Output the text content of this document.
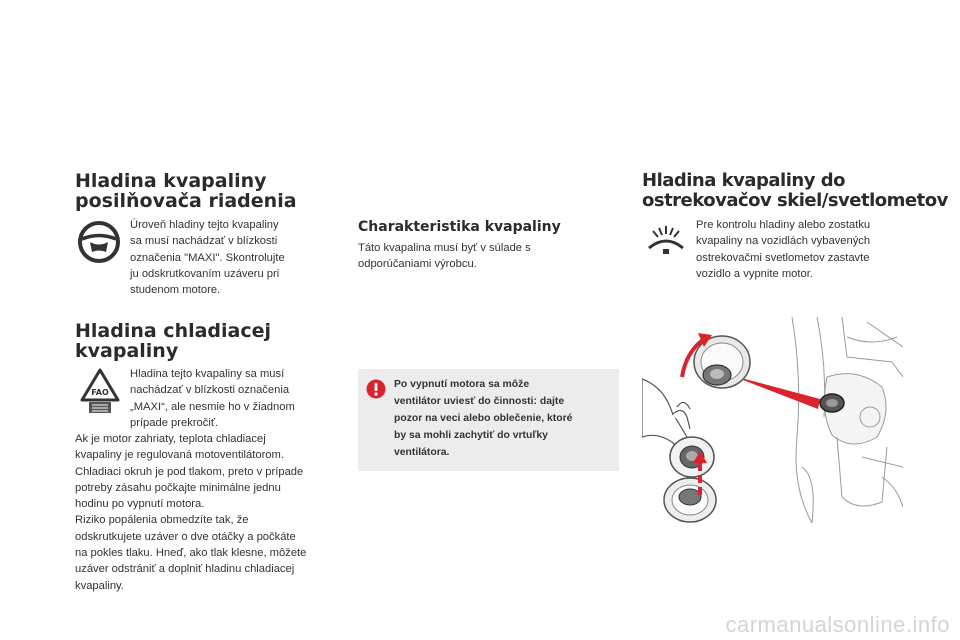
Hladina kvapaliny
posilňovača riadenia
Úroveň hladiny tejto kvapaliny
sa musí nachádzať v blízkosti
označenia "MAXI". Skontrolujte
ju odskrutkovaním uzáveru pri
studenom motore.
Hladina chladiacej
kvapaliny
FAO
Hladina tejto kvapaliny sa musí
nachádzať v blízkosti označenia
„MAXI“, ale nesmie ho v žiadnom
prípade prekročiť.
Ak je motor zahriaty, teplota chladiacej
kvapaliny je regulovaná motoventilátorom.
Chladiaci okruh je pod tlakom, preto v prípade
potreby zásahu počkajte minimálne jednu
hodinu po vypnutí motora.
Riziko popálenia obmedzíte tak, že
odskrutkujete uzáver o dve otáčky a počkáte
na pokles tlaku. Hneď, ako tlak klesne, môžete
uzáver odstrániť a doplniť hladinu chladiacej
kvapaliny.
Charakteristika kvapaliny
Táto kvapalina musí byť v súlade s
odporúčaniami výrobcu.
Po vypnutí motora sa môže
ventilátor uviesť do činnosti: dajte
pozor na veci alebo oblečenie, ktoré
by sa mohli zachytiť do vrtuľky
ventilátora.
Hladina kvapaliny do
ostrekovačov skiel/svetlometov
Pre kontrolu hladiny alebo zostatku
kvapaliny na vozidlách vybavených
ostrekovačmi svetlometov zastavte
vozidlo a vypnite motor.
carmanualsonline.info
